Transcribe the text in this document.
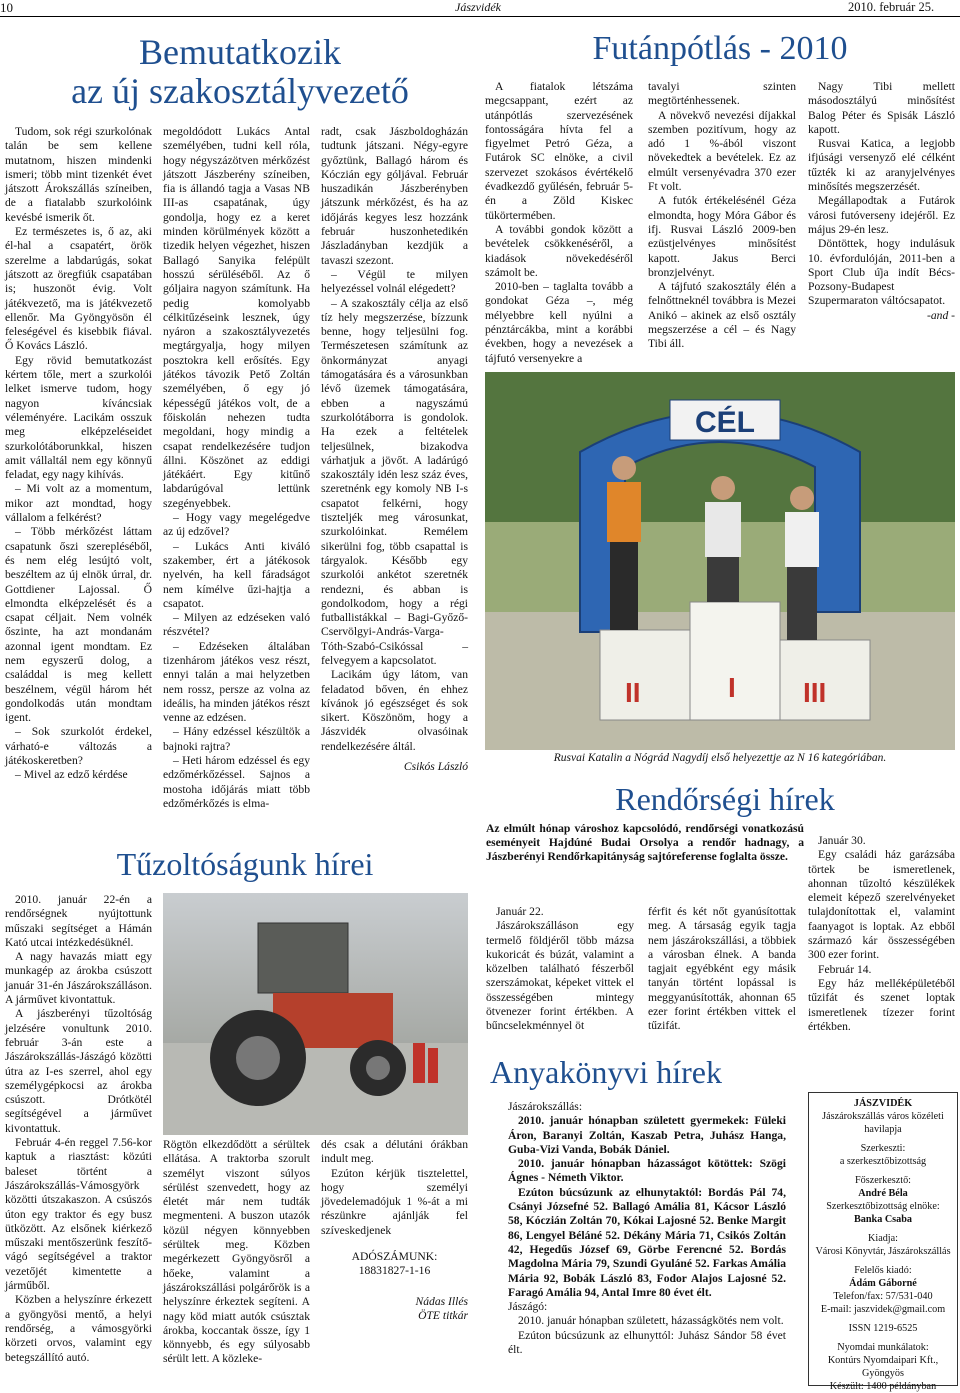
10	Jászvidék	2010. február 25.
Bemutatkozik
az új szakosztályvezető

Tudom, sok régi szurkolónak talán be sem kellene mutatnom, hiszen mindenki ismeri; több mint tizenkét évet játszott Árokszállás színeiben, de a fiatalabb szurkolóink kevésbé ismerik őt.

Ez természetes is, ő az, aki él-hal a csapatért, örök szerelme a labdarúgás, sokat játszott az öregfiúk csapatában is; huszonöt évig. Volt játékvezető, ma is játékvezető ellenőr. Ma Gyöngyösön él feleségével és kisebbik fiával. Ő Kovács László.

Egy rövid bemutatkozást kértem tőle, mert a szurkolói lelket ismerve tudom, hogy nagyon kíváncsiak véleményére. Lacikám osszuk meg elképzeléseidet szurkolótáborunkkal, hiszen amit vállaltál nem egy könnyű feladat, egy nagy kihívás.

– Mi volt az a momentum, mikor azt mondtad, hogy vállalom a felkérést?

– Több mérkőzést láttam csapatunk őszi szerepléséből, és nem elég lesújtó volt, beszéltem az új elnök úrral, dr. Gottdiener Lajossal. Ő elmondta elképzelését és a csapat céljait. Nem volnék őszinte, ha azt mondanám azonnal igent mondtam. Ez nem egyszerű dolog, a családdal is meg kellett beszélnem, végül három hét gondolkodás után mondtam igent.

– Sok szurkolót érdekel, várható-e változás a játékoskeretben?

– Mivel az edző kérdése

megoldódott Lukács Antal személyében, tudni kell róla, hogy négyszázötven mérkőzést játszott Jászberény színeiben, fia is állandó tagja a Vasas NB III-as csapatának, úgy gondolja, hogy ez a keret minden körülmények között a tizedik helyen végezhet, hiszen Ballagó Sanyika felépült hosszú sérüléséből. Az ő góljaira nagyon számítunk. Ha pedig komolyabb célkitűzéseink lesznek, úgy nyáron a szakosztályvezetés megtárgyalja, hogy milyen posztokra kell erősítés. Egy játékos távozik Pető Zoltán személyében, ő egy jó képességű játékos volt, de a főiskolán nehezen tudta megoldani, hogy mindig a csapat rendelkezésére tudjon állni. Köszönet az eddigi játékáért. Egy kitűnő labdarúgóval lettünk szegényebbek.

– Hogy vagy megelégedve az új edzővel?

– Lukács Anti kiváló szakember, ért a játékosok nyelvén, ha kell fáradságot nem kímélve űzi-hajtja a csapatot.

– Milyen az edzéseken való részvétel?

– Edzéseken általában tizenhárom játékos vesz részt, ennyi talán a mai helyzetben nem rossz, persze az volna az ideális, ha minden játékos részt venne az edzésen.

– Hány edzéssel készültök a bajnoki rajtra?

– Heti három edzéssel és egy edzőmérkőzéssel. Sajnos a mostoha időjárás miatt több edzőmérkőzés is elma-

radt, csak Jászboldogházán tudtunk játszani. Négy-egyre győztünk, Ballagó három és Kóczián egy góljával. Február huszadikán Jászberényben játszunk mérkőzést, és ha az időjárás kegyes lesz hozzánk február huszonhetedikén Jászladányban kezdjük a tavaszi szezont.

– Végül te milyen helyezéssel volnál elégedett?

– A szakosztály célja az első tíz hely megszerzése, bízzunk benne, hogy teljesülni fog. Természetesen számítunk az önkormányzat anyagi támogatására és a városunkban lévő üzemek támogatására, ebben a nagyszámú szurkolótáborra is gondolok. Ha ezek a feltételek teljesülnek, bizakodva várhatjuk a jövőt. A ladárúgó szakosztály idén lesz száz éves, szeretnénk egy komoly NB I-s csapatot felkérni, hogy tiszteljék meg városunkat, szurkolóinkat. Remélem sikerülni fog, több csapattal is tárgyalok. Később egy szurkolói ankétot szeretnék rendezni, és abban is gondolkodom, hogy a régi futballistákkal – Bagi-Győző-Cservölgyi-András-Varga-Tóth-Szabó-Csikóssal – felvegyem a kapcsolatot.

Lacikám úgy látom, van feladatod bőven, én ehhez kívánok jó egészséget és sok sikert. Köszönöm, hogy a Jászvidék olvasóinak rendelkezésére áltál.

Csikós László

Futánpótlás - 2010

A fiatalok létszáma megcsappant, ezért az utánpótlás szervezésének fontosságára hívta fel a figyelmet Petró Géza, a Futárok SC elnöke, a civil szervezet szokásos évértékelő évadkezdő gyűlésén, február 5-én a Zöld Kiskec tükörtermében.

A további gondok között a bevételek csökkenéséről, a kiadások növekedéséről számolt be.

2010-ben – taglalta tovább a gondokat Géza –, még mélyebbre kell nyúlni a pénztárcákba, mint a korábbi években, hogy a nevezések a tájfutó versenyekre a

tavalyi szinten megtörténhessenek.

A növekvő nevezési díjakkal szemben pozitívum, hogy az adó 1 %-ából viszont növekedtek a bevételek. Ez az elmúlt versenyévadra 370 ezer Ft volt.

A futók értékelésénél Géza elmondta, hogy Móra Gábor és ifj. Rusvai László 2009-ben ezüstjelvényes minősítést kapott. Jakus Berci bronzjelvényt.

A tájfutó szakosztály élén a felnőttneknél továbbra is Mezei Anikó – akinek az első osztály megszerzése a cél – és Nagy Tibi áll.

Nagy Tibi mellett másodosztályú minősítést Balog Péter és Spisák László kapott.

Rusvai Katica, a legjobb ifjúsági versenyző elé célként tűzték ki az aranyjelvényes minősítés megszerzését.

Megállapodtak a Futárok városi futóverseny idejéről. Ez május 29-én lesz.

Döntöttek, hogy indulásuk 10. évfordulóján, 2011-ben a Sport Club ú̇ja indít Bécs-Pozsony-Budapest Szupermaraton váltócsapatot.

-and -

CÉL
II	I III
Rusvai Katalin a Nógrád Nagydíj első helyezettje az N 16 kategóriában.
Rendőrségi hírek
Az elmúlt hónap városhoz kapcsolódó, rendőrségi vonatkozású eseményeit Hajdúné Budai Orsolya a rendőr hadnagy, a Jászberényi Rendőrkapitányság sajtóreferense foglalta össze.

Január 22.

Jászárokszálláson egy termelő földjéről több mázsa kukoricát és búzát, valamint a közelben található fészerből szerszámokat, képeket vittek el összességében mintegy ötvenezer forint értékben. A bűncselekménnyel öt

férfit és két nőt gyanúsítottak meg. A társaság egyik tagja nem jászárokszállási, a többiek a városban élnek. A banda tagjait egyébként egy másik tanyán történt lopással is meggyanúsították, ahonnan 65 ezer forint értékben vittek el tűzifát.

Január 30.

Egy családi ház garázsába törtek be ismeretlenek, ahonnan tűzoltó készülékek elemeit képező szerelvényeket tulajdonítottak el, valamint faanyagot is loptak. Az ebből származó kár összességében 300 ezer forint.

Február 14.

Egy ház melléképületéből tűzifát és szenet loptak ismeretlenek tízezer forint értékben.

Tűzoltóságunk hírei

2010. január 22-én a rendőrségnek nyújtottunk műszaki segítséget a Hámán Kató utcai intézkedésüknél.

A nagy havazás miatt egy munkagép az árokba csúszott január 31-én Jászárokszálláson. A járművet kivontattuk.

A jászberényi tűzoltóság jelzésére vonultunk 2010. február 3-án este a Jászárokszállás-Jászágó közötti útra az I-es szerrel, ahol egy személygépkocsi az árokba csúszott. Drótkötél segítségével a járművet kivontattuk.

Február 4-én reggel 7.56-kor kaptuk a riasztást: közúti baleset történt a Jászárokszállás-Vámosgyörk közötti útszakaszon. A csúszós úton egy traktor és egy busz ütközött. Az elsőnek kiérkező műszaki mentőszerünk feszítő-vágó segítségével a traktor vezetőjét kimentette a járműből.

Közben a helyszínre érkezett a gyöngyösi mentő, a helyi rendőrség, a vámosgyörki körzeti orvos, valamint egy betegszállító autó.

Rögtön elkezdődött a sérültek ellátása. A traktorba szorult személyt viszont súlyos sérülést szenvedett, hogy az életét már nem tudták megmenteni. A buszon utazók közül négyen könnyebben sérültek meg. Közben megérkezett Gyöngyösről a hőeke, valamint a jászárokszállási polgárőrök is a helyszínre érkeztek segíteni. A nagy köd miatt autók csúsztak árokba, koccantak össze, így 1 könnyebb, és egy súlyosabb sérült lett. A közleke-

dés csak a délutáni órákban indult meg.

Ezúton kérjük tisztelettel, hogy személyi jövedelemadójuk 1 %-át a mi részünkre ajánlják fel szíveskedjenek

ADÓSZÁMUNK:
18831827-1-16
Nádas Illés
ÖTE titkár
Anyakönyvi hírek

Jászárokszállás:

2010. január hónapban született gyermekek: Füleki Áron, Baranyi Zoltán, Kaszab Petra, Juhász Hanga, Guba-Vizi Vanda, Bobák Dániel.

2010. január hónapban házasságot kötöttek: Szögi Ágnes - Németh Viktor.

Ezúton búcsúzunk az elhunytaktól: Bordás Pál 74, Csányi Józsefné 52. Ballagó Amália 81, Kácsor László 58, Kóczián Zoltán 70, Kókai Lajosné 52. Benke Margit 86, Lengyel Béláné 52. Dékány Mária 71, Csikós Zoltán 42, Hegedűs József 69, Görbe Ferencné 52. Bordás Magdolna Mária 79, Szundi Gyuláné 52. Farkas Amália Mária 92, Bobák László 83, Fodor Alajos Lajosné 52. Faragó Amália 94, Antal Imre 80 évet élt.

Jászágó:

2010. január hónapban született, házasságkötés nem volt.

Ezúton búcsúzunk az elhunyttól: Juhász Sándor 58 évet élt.

JÁSZVIDÉK
Jászárokszállás város közéleti havilapja
Szerkeszti:
a szerkesztőbizottság
Főszerkesztő:
André Béla
Szerkesztőbizottság elnöke:
Banka Csaba
Kiadja:
Városi Könyvtár, Jászárokszállás
Felelős kiadó:
Ádám Gáborné
Telefon/fax: 57/531-040
E-mail: jaszvidek@gmail.com
ISSN 1219-6525
Nyomdai munkálatok:
Kontúrs Nyomdaipari Kft.,
Gyöngyös
Készült: 1400 példányban
